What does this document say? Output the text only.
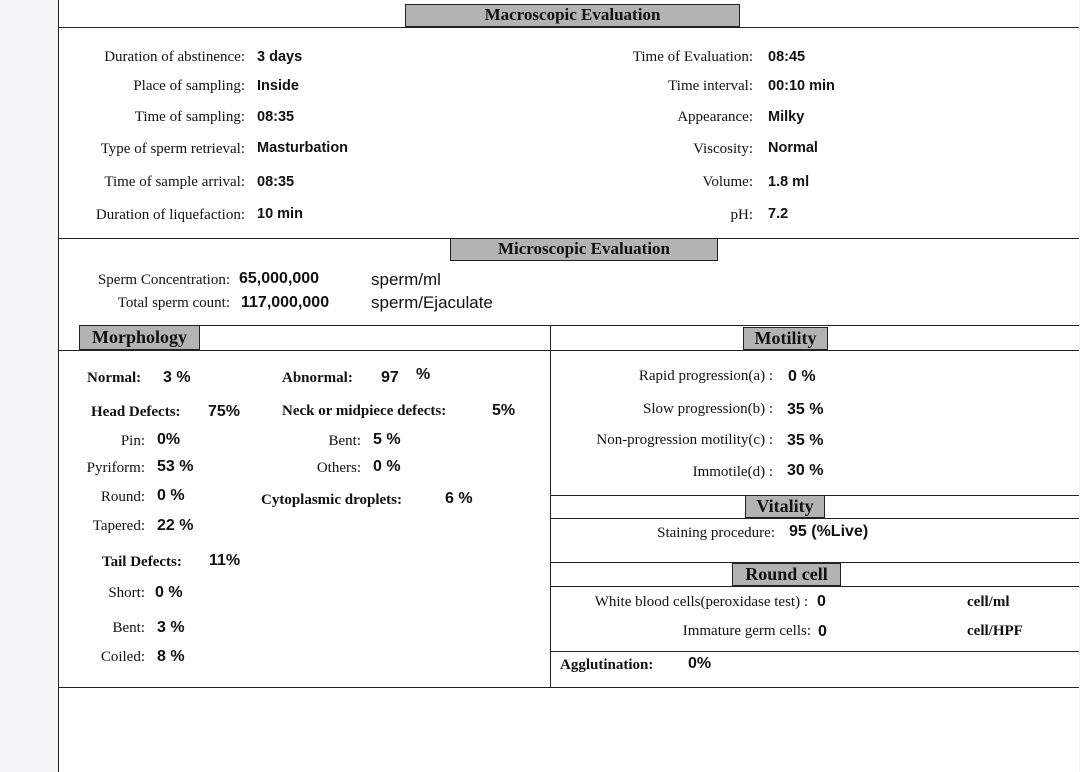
Macroscopic Evaluation
Duration of abstinence: 3 days
Place of sampling: Inside
Time of sampling: 08:35
Type of sperm retrieval: Masturbation
Time of sample arrival: 08:35
Duration of liquefaction: 10 min
Time of Evaluation: 08:45
Time interval: 00:10 min
Appearance: Milky
Viscosity: Normal
Volume: 1.8 ml
pH: 7.2
Microscopic Evaluation
Sperm Concentration: 65,000,000	sperm/ml
Total sperm count: 117,000,000 sperm/Ejaculate
Morphology
Normal: 3 %	Abnormal: 97 %
Head Defects: 75%	Neck or midpiece defects:	5%
Pin: 0%	Bent: 5 %
Pyriform: 53 %	Others: 0 %
Round: 0 %	Cytoplasmic droplets:	6 %
Tapered: 22 %
Tail Defects: 11%
Short: 0 %
Bent: 3 %
Coiled: 8 %
Motility
Rapid progression(a) : 0 %
Slow progression(b) : 35 %
Non-progression motility(c) : 35 %
Immotile(d) : 30 %
Vitality
Staining procedure: 95 (%Live)
Round cell
White blood cells(peroxidase test) : 0	cell/ml
Immature germ cells: 0	cell/HPF
Agglutination: 0%
